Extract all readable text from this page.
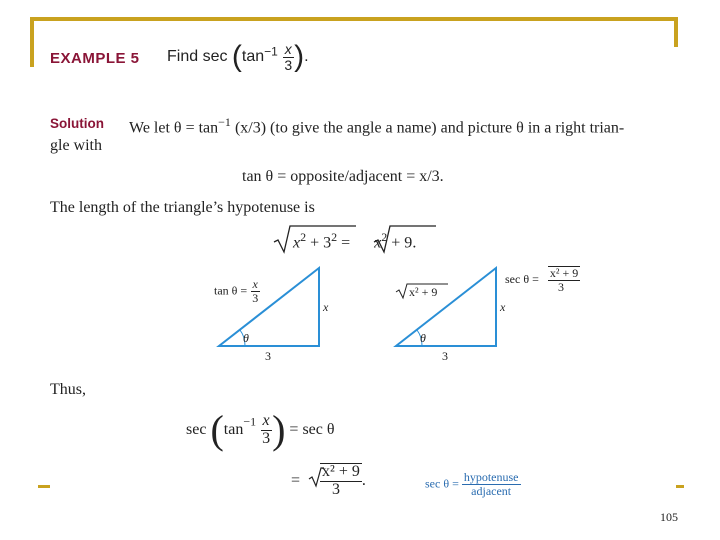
EXAMPLE 5 Find $\sec (\tan^{-1} \frac{x}{3}$ ).
Solution We let $\theta = \tan^{-1} (x/3)$ (to give the angle a name) and picture θ in a right trian-
gle with
tan θ = opposite/adjacent = x/3.
The length of the triangle’s hypotenuse is
$x^2 + 3^2 = x^2 + 9$.
θ
x
3
$\tan \theta = \frac{x}{3}$
θ
x
3
x² + 9
$\sec \theta = \frac{\text{x² + 9}}{3}$
Thus,
$\sec (\tan^{-1} \frac{x}{3}$ ) = sec θ
= $\frac{\text{x² + 9}}{3}$ .	$\sec \theta = \frac{\text{hypotenuse}}{\text{adjacent}}$
105
